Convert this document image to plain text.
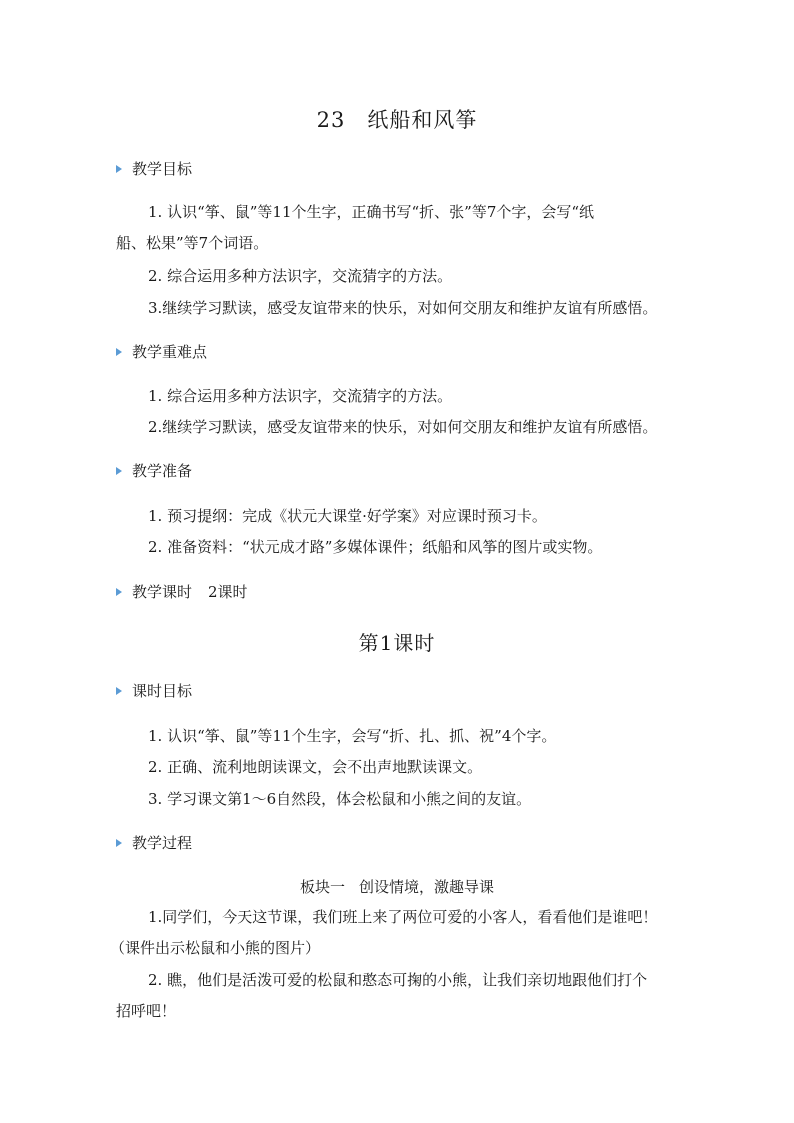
23 纸船和风筝
教学目标
1. 认识“筝、鼠”等11个生字，正确书写“折、张”等7个字，会写“纸
船、松果”等7个词语。
2. 综合运用多种方法识字，交流猜字的方法。
3.继续学习默读，感受友谊带来的快乐，对如何交朋友和维护友谊有所感悟。
教学重难点
1. 综合运用多种方法识字，交流猜字的方法。
2.继续学习默读，感受友谊带来的快乐，对如何交朋友和维护友谊有所感悟。
教学准备
1. 预习提纲：完成《状元大课堂·好学案》对应课时预习卡。
2. 准备资料：“状元成才路”多媒体课件；纸船和风筝的图片或实物。
教学课时 2课时
第1课时
课时目标
1. 认识“筝、鼠”等11个生字，会写“折、扎、抓、祝”4个字。
2. 正确、流利地朗读课文，会不出声地默读课文。
3. 学习课文第1～6自然段，体会松鼠和小熊之间的友谊。
教学过程
板块一 创设情境，激趣导课
1.同学们，今天这节课，我们班上来了两位可爱的小客人，看看他们是谁吧！
（课件出示松鼠和小熊的图片）
2. 瞧，他们是活泼可爱的松鼠和憨态可掬的小熊，让我们亲切地跟他们打个
招呼吧！
